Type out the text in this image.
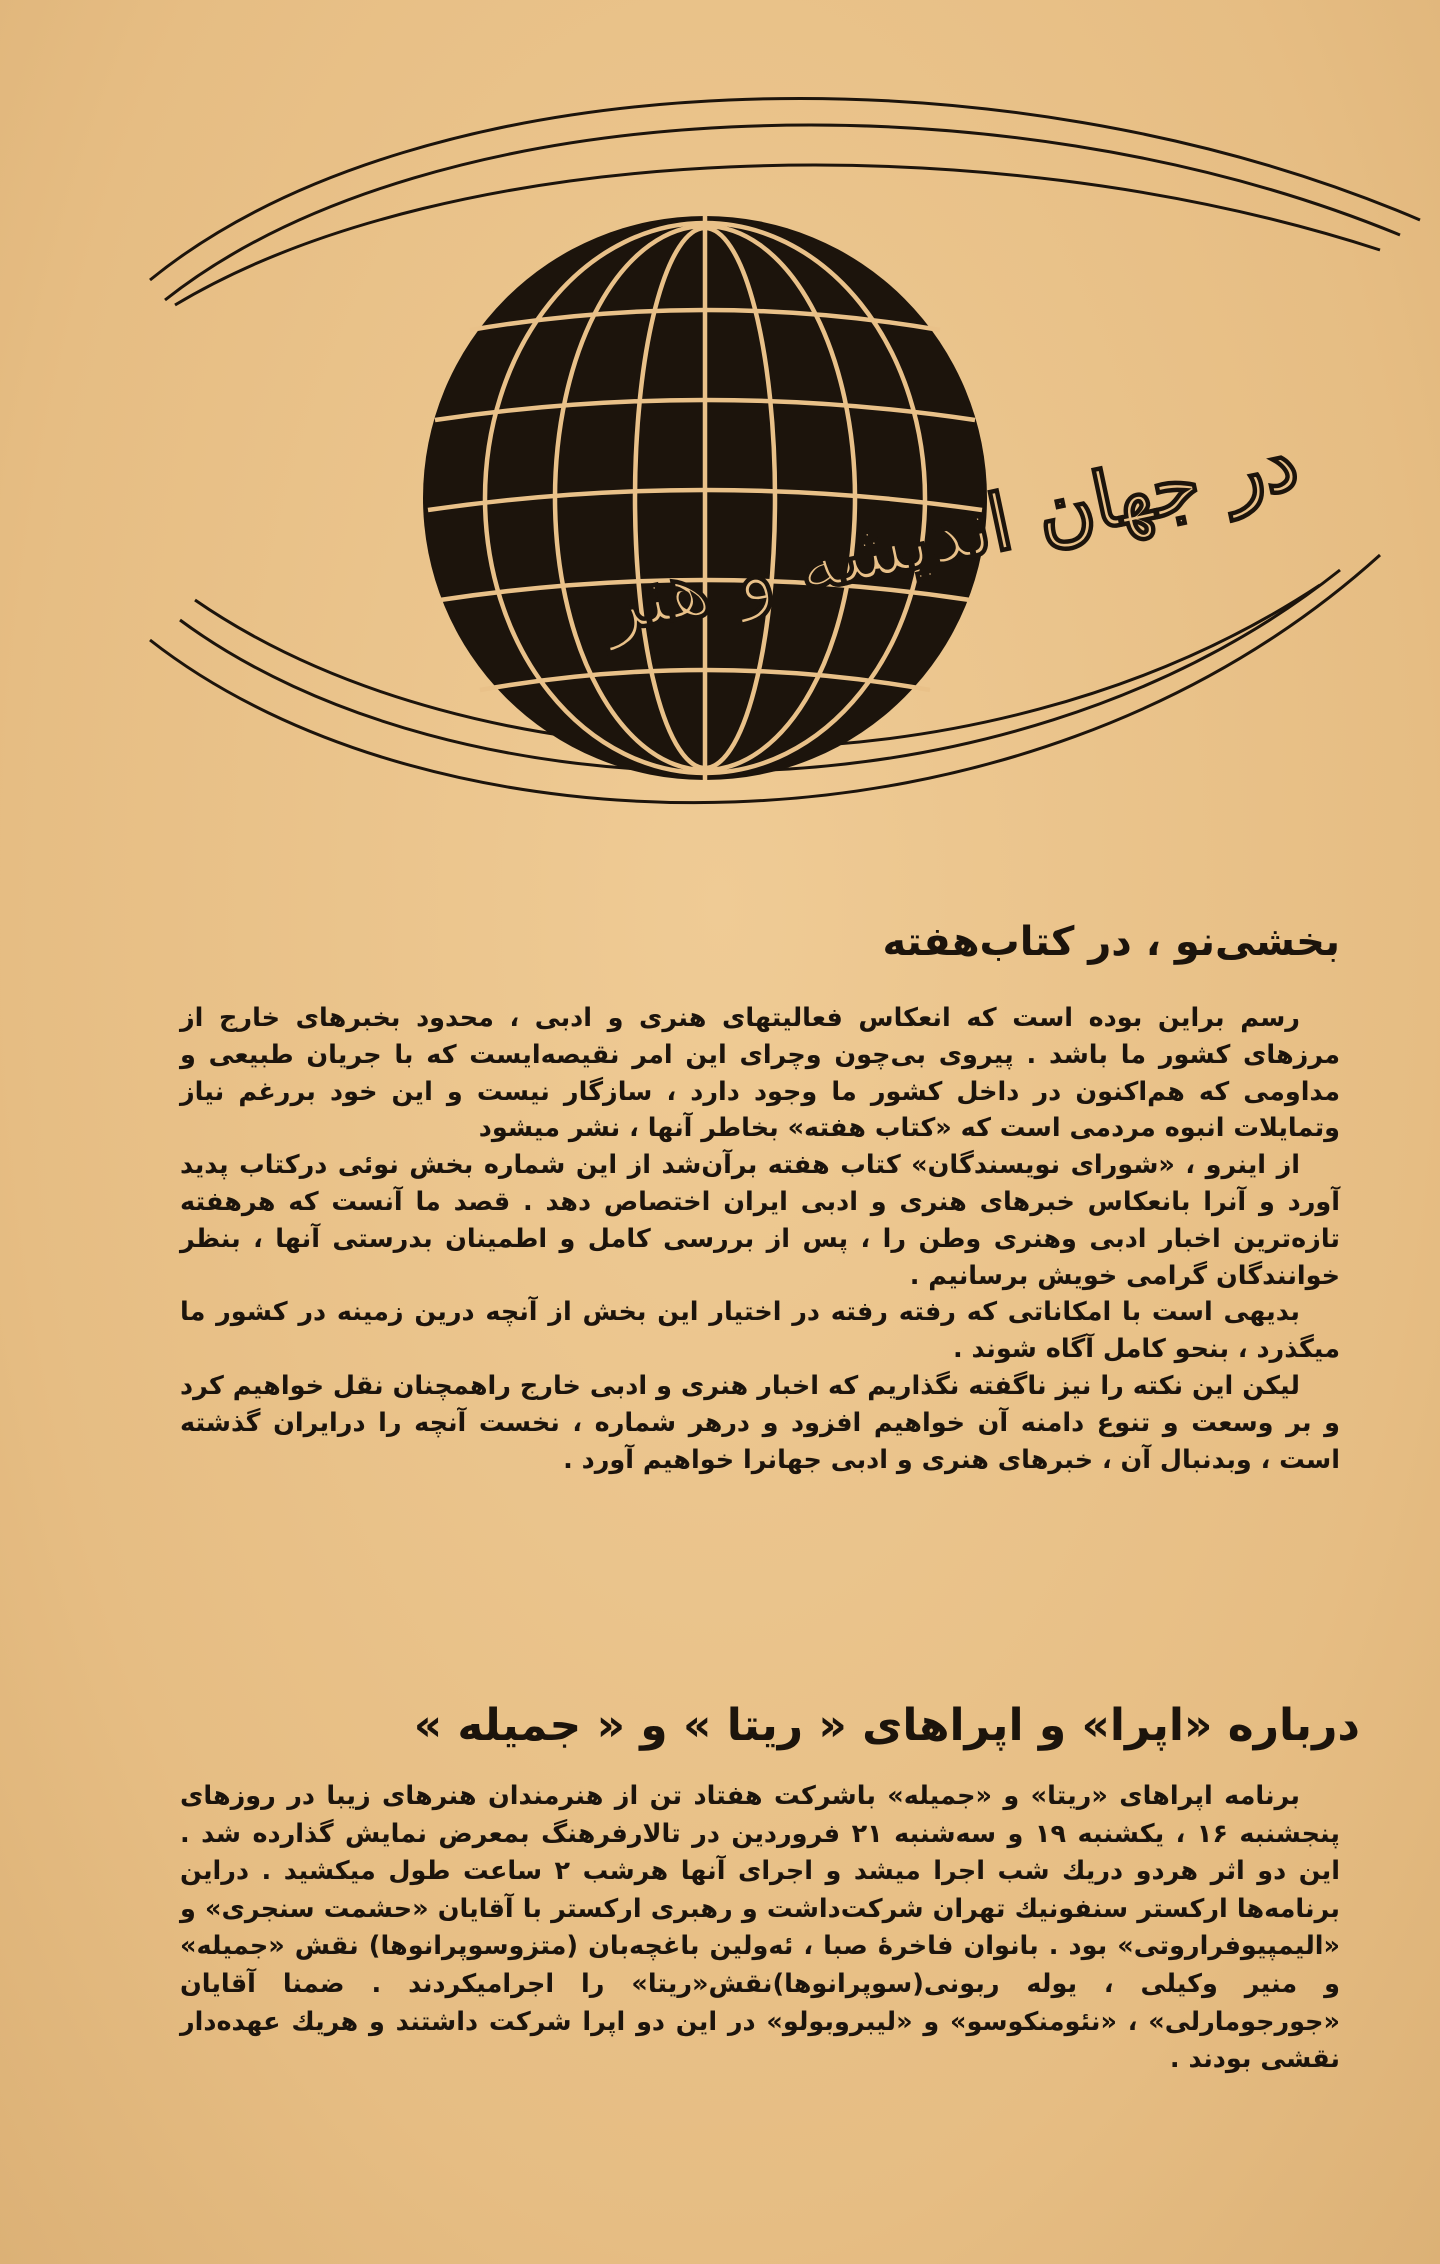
در جهان اندیشه و هنر
بخشی‌نو ، در کتاب‌هفته

رسم براین بوده است که انعکاس فعالیتهای هنری و ادبی ، محدود بخبرهای خارج از مرزهای کشور ما باشد . پیروی بی‌چون وچرای این امر نقیصه‌ایست که با جریان طبیعی و مداومی که هم‌اکنون در داخل کشور ما وجود دارد ، سازگار نیست و این خود بررغم نیاز وتمایلات انبوه مردمی است که «کتاب هفته» بخاطر آنها ، نشر میشود

از اینرو ، «شورای نویسندگان» کتاب هفته برآن‌شد از این شماره بخش نوئی درکتاب پدید آورد و آنرا بانعکاس خبرهای هنری و ادبی ایران اختصاص دهد . قصد ما آنست که هرهفته تازه‌ترین اخبار ادبی وهنری وطن را ، پس از بررسی کامل و اطمینان بدرستی آنها ، بنظر خوانندگان گرامی خویش برسانیم .

بدیهی است با امکاناتی که رفته رفته در اختیار این بخش از آنچه درین زمینه در کشور ما میگذرد ، بنحو کامل آگاه شوند .

لیکن این نکته را نیز ناگفته نگذاریم که اخبار هنری و ادبی خارج راهمچنان نقل خواهیم کرد و بر وسعت و تنوع دامنه آن خواهیم افزود و درهر شماره ، نخست آنچه را درایران گذشته است ، وبدنبال آن ، خبرهای هنری و ادبی جهانرا خواهیم آورد .

درباره «اپرا» و اپراهای « ریتا » و « جمیله »

برنامه اپراهای «ریتا» و «جمیله» باشرکت هفتاد تن از هنرمندان هنرهای زیبا در روزهای پنجشنبه ۱۶ ، یکشنبه ۱۹ و سه‌شنبه ۲۱ فروردین در تالارفرهنگ بمعرض نمایش گذارده شد . این دو اثر هردو دریك شب اجرا میشد و اجرای آنها هرشب ۲ ساعت طول میکشید . دراین برنامه‌ها ارکستر سنفونیك تهران شرکت‌داشت و رهبری ارکستر با آقایان «حشمت سنجری» و «الیمپیوفراروتی» بود . بانوان فاخرهٔ صبا ، ئه‌ولین باغچه‌بان (متزوسوپرانوها) نقش «جمیله» و منیر وکیلی ، یوله ربونی(سوپرانوها)نقش«ریتا» را اجرامیکردند . ضمنا آقایان «جورجومارلی» ، «نئومنکوسو» و «لیبروبولو» در این دو اپرا شرکت داشتند و هریك عهده‌دار نقشی بودند .
